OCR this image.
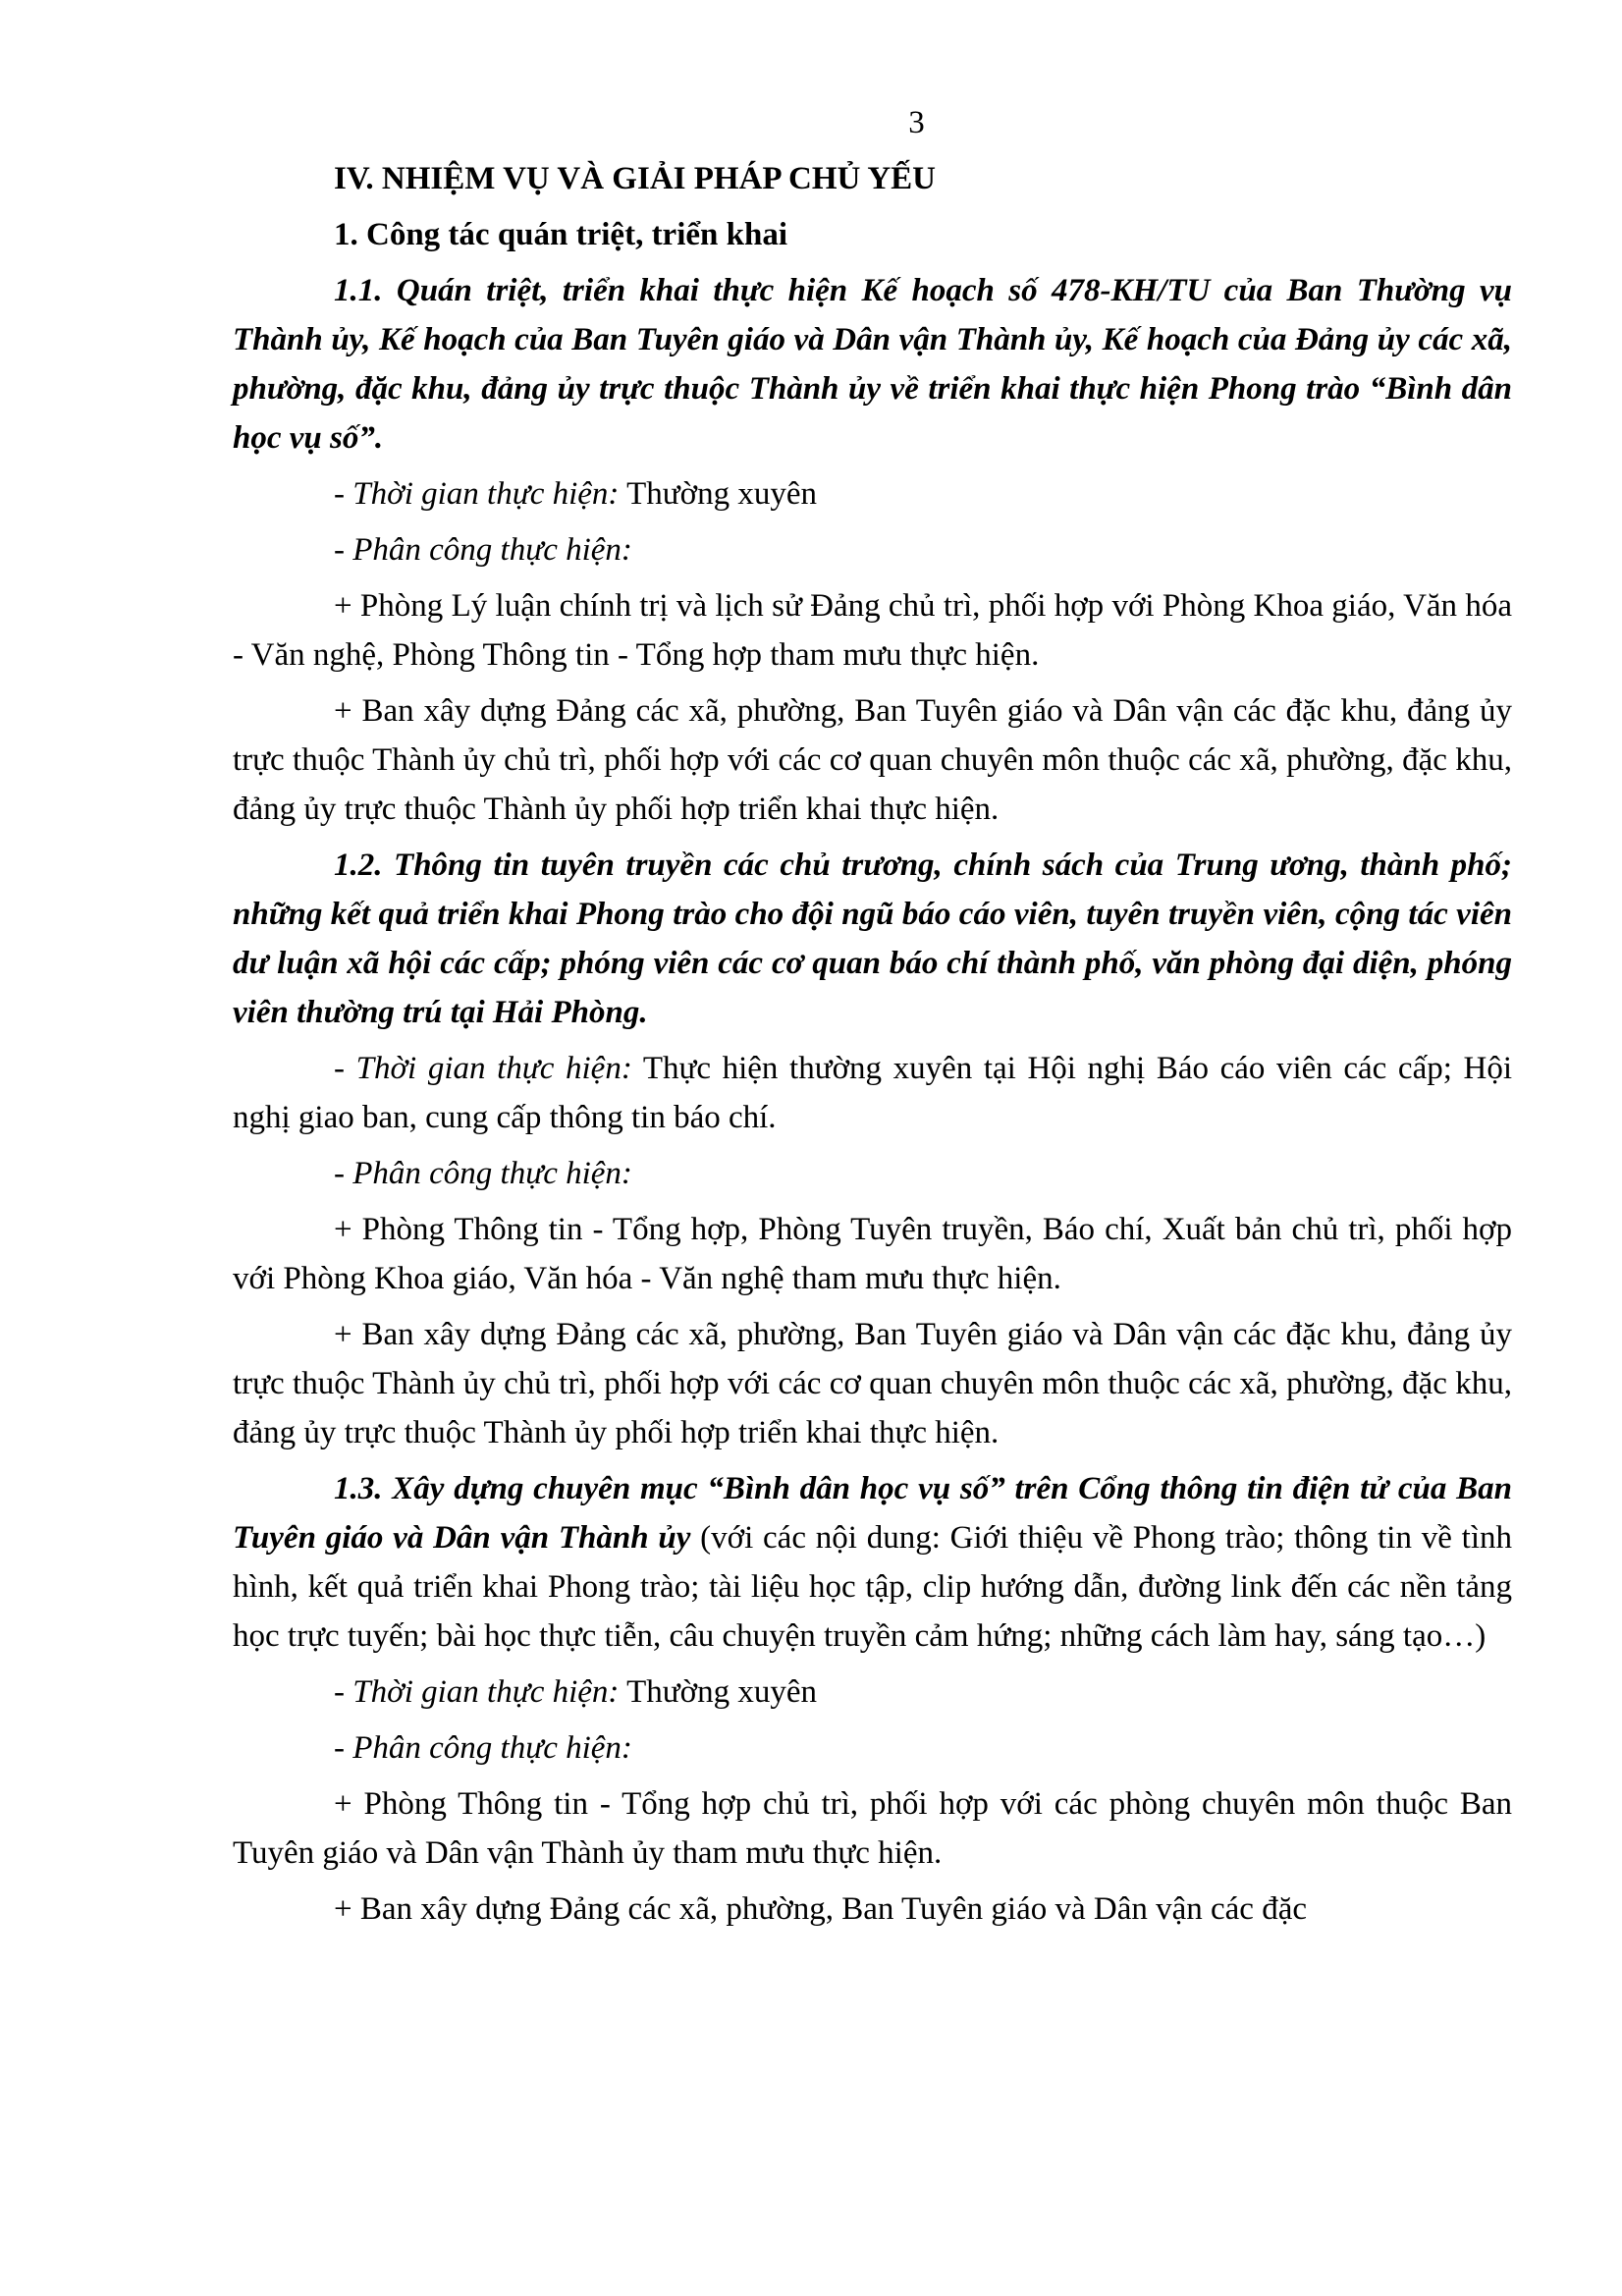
3

IV. NHIỆM VỤ VÀ GIẢI PHÁP CHỦ YẾU

1. Công tác quán triệt, triển khai

1.1. Quán triệt, triển khai thực hiện Kế hoạch số 478-KH/TU của Ban Thường vụ Thành ủy, Kế hoạch của Ban Tuyên giáo và Dân vận Thành ủy, Kế hoạch của Đảng ủy các xã, phường, đặc khu, đảng ủy trực thuộc Thành ủy về triển khai thực hiện Phong trào “Bình dân học vụ số”.

- Thời gian thực hiện: Thường xuyên

- Phân công thực hiện:

+ Phòng Lý luận chính trị và lịch sử Đảng chủ trì, phối hợp với Phòng Khoa giáo, Văn hóa - Văn nghệ, Phòng Thông tin - Tổng hợp tham mưu thực hiện.

+ Ban xây dựng Đảng các xã, phường, Ban Tuyên giáo và Dân vận các đặc khu, đảng ủy trực thuộc Thành ủy chủ trì, phối hợp với các cơ quan chuyên môn thuộc các xã, phường, đặc khu, đảng ủy trực thuộc Thành ủy phối hợp triển khai thực hiện.

1.2. Thông tin tuyên truyền các chủ trương, chính sách của Trung ương, thành phố; những kết quả triển khai Phong trào cho đội ngũ báo cáo viên, tuyên truyền viên, cộng tác viên dư luận xã hội các cấp; phóng viên các cơ quan báo chí thành phố, văn phòng đại diện, phóng viên thường trú tại Hải Phòng.

- Thời gian thực hiện: Thực hiện thường xuyên tại Hội nghị Báo cáo viên các cấp; Hội nghị giao ban, cung cấp thông tin báo chí.

- Phân công thực hiện:

+ Phòng Thông tin - Tổng hợp, Phòng Tuyên truyền, Báo chí, Xuất bản chủ trì, phối hợp với Phòng Khoa giáo, Văn hóa - Văn nghệ tham mưu thực hiện.

+ Ban xây dựng Đảng các xã, phường, Ban Tuyên giáo và Dân vận các đặc khu, đảng ủy trực thuộc Thành ủy chủ trì, phối hợp với các cơ quan chuyên môn thuộc các xã, phường, đặc khu, đảng ủy trực thuộc Thành ủy phối hợp triển khai thực hiện.

1.3. Xây dựng chuyên mục “Bình dân học vụ số” trên Cổng thông tin điện tử của Ban Tuyên giáo và Dân vận Thành ủy (với các nội dung: Giới thiệu về Phong trào; thông tin về tình hình, kết quả triển khai Phong trào; tài liệu học tập, clip hướng dẫn, đường link đến các nền tảng học trực tuyến; bài học thực tiễn, câu chuyện truyền cảm hứng; những cách làm hay, sáng tạo…)

- Thời gian thực hiện: Thường xuyên

- Phân công thực hiện:

+ Phòng Thông tin - Tổng hợp chủ trì, phối hợp với các phòng chuyên môn thuộc Ban Tuyên giáo và Dân vận Thành ủy tham mưu thực hiện.

+ Ban xây dựng Đảng các xã, phường, Ban Tuyên giáo và Dân vận các đặc
